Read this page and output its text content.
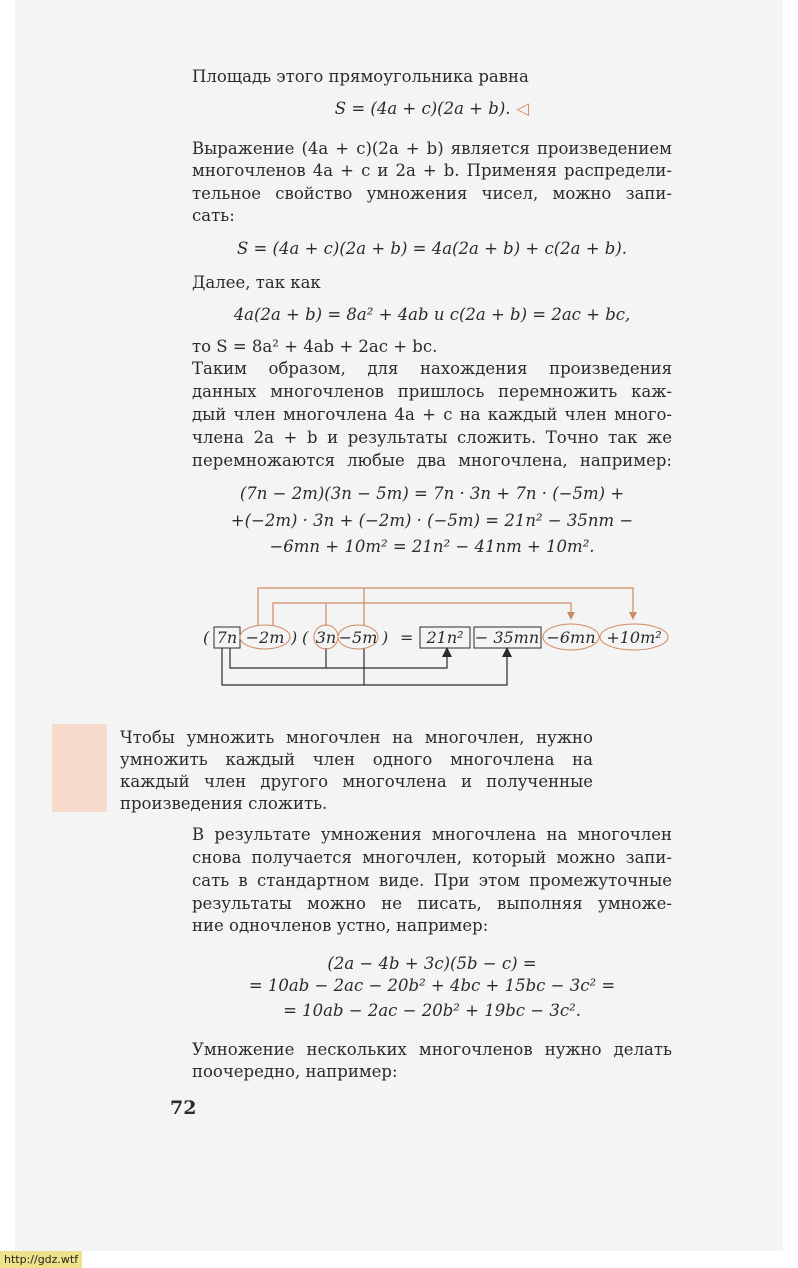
Площадь этого прямоугольника равна
S = (4a + c)(2a + b). ◁
Выражение (4a + c)(2a + b) является произведением
многочленов 4a + c и 2a + b. Применяя распредели-
тельное свойство умножения чисел, можно запи-
сать:
S = (4a + c)(2a + b) = 4a(2a + b) + c(2a + b).
Далее, так как
4a(2a + b) = 8a² + 4ab и c(2a + b) = 2ac + bc,
то S = 8a² + 4ab + 2ac + bc.
Таким образом, для нахождения произведения
данных многочленов пришлось перемножить каж-
дый член многочлена 4a + c на каждый член много-
члена 2a + b и результаты сложить. Точно так же
перемножаются любые два многочлена, например:
(7n − 2m)(3n − 5m) = 7n · 3n + 7n · (−5m) +
+(−2m) · 3n + (−2m) · (−5m) = 21n² − 35nm −
−6mn + 10m² = 21n² − 41nm + 10m².
( 7n −2m ) ( 3n −5m ) = 21n² − 35mn −6mn +10m²
Чтобы умножить многочлен на многочлен, нужно
умножить каждый член одного многочлена на
каждый член другого многочлена и полученные
произведения сложить.
В результате умножения многочлена на многочлен
снова получается многочлен, который можно запи-
сать в стандартном виде. При этом промежуточные
результаты можно не писать, выполняя умноже-
ние одночленов устно, например:
(2a − 4b + 3c)(5b − c) =
= 10ab − 2ac − 20b² + 4bc + 15bc − 3c² =
= 10ab − 2ac − 20b² + 19bc − 3c².
Умножение нескольких многочленов нужно делать
поочередно, например:
72
http://gdz.wtf
